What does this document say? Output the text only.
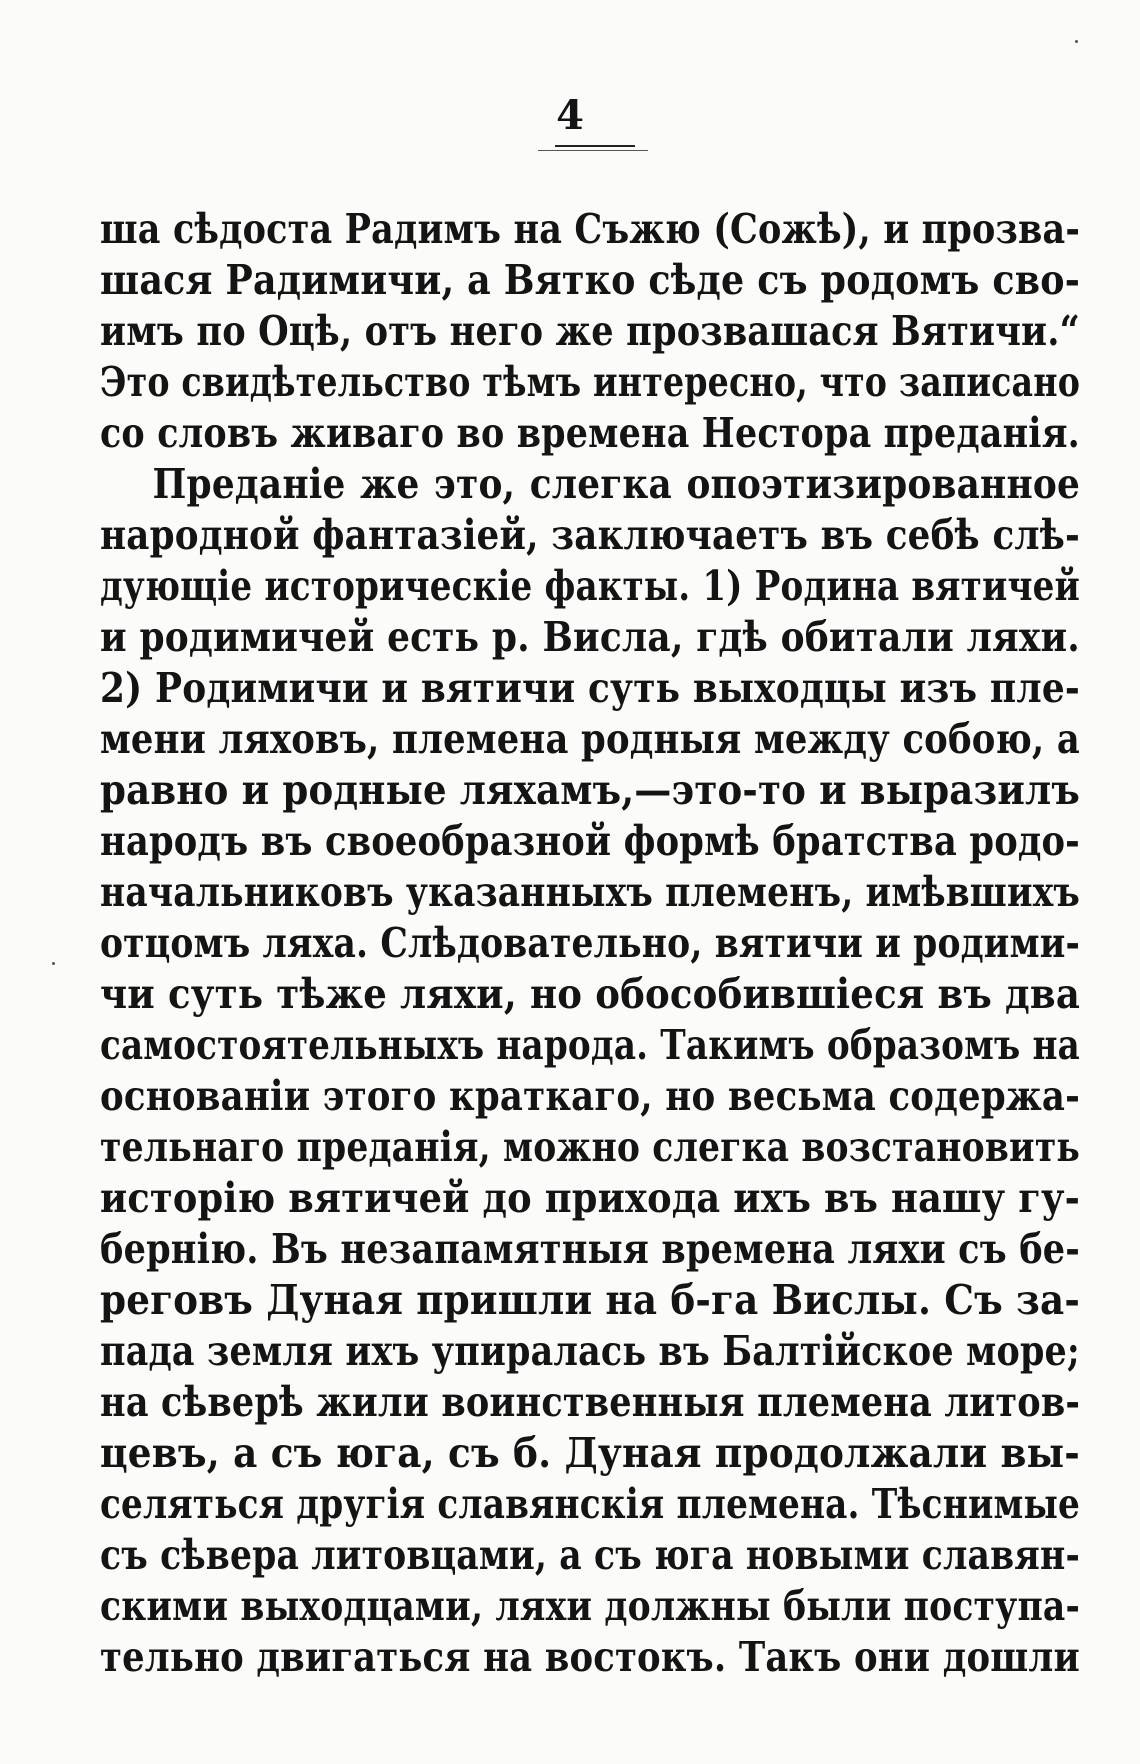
4
ша сѣдоста Радимъ на Съжю (Сожѣ), и прозва-
шася Радимичи, а Вятко сѣде съ родомъ сво-
имъ по Оцѣ, отъ него же прозвашася Вятичи.“
Это свидѣтельство тѣмъ интересно, что записано
со словъ живаго во времена Нестора преданія.
Преданіе же это, слегка опоэтизированное
народной фантазіей, заключаетъ въ себѣ слѣ-
дующіе историческіе факты. 1) Родина вятичей
и родимичей есть р. Висла, гдѣ обитали ляхи.
2) Родимичи и вятичи суть выходцы изъ пле-
мени ляховъ, племена родныя между собою, а
равно и родные ляхамъ,—это-то и выразилъ
народъ въ своеобразной формѣ братства родо-
начальниковъ указанныхъ племенъ, имѣвшихъ
отцомъ ляха. Слѣдовательно, вятичи и родими-
чи суть тѣже ляхи, но обособившіеся въ два
самостоятельныхъ народа. Такимъ образомъ на
основаніи этого краткаго, но весьма содержа-
тельнаго преданія, можно слегка возстановить
исторію вятичей до прихода ихъ въ нашу гу-
бернію. Въ незапамятныя времена ляхи съ бе-
реговъ Дуная пришли на б-га Вислы. Съ за-
пада земля ихъ упиралась въ Балтійское море;
на сѣверѣ жили воинственныя племена литов-
цевъ, а съ юга, съ б. Дуная продолжали вы-
селяться другія славянскія племена. Тѣснимые
съ сѣвера литовцами, а съ юга новыми славян-
скими выходцами, ляхи должны были поступа-
тельно двигаться на востокъ. Такъ они дошли
